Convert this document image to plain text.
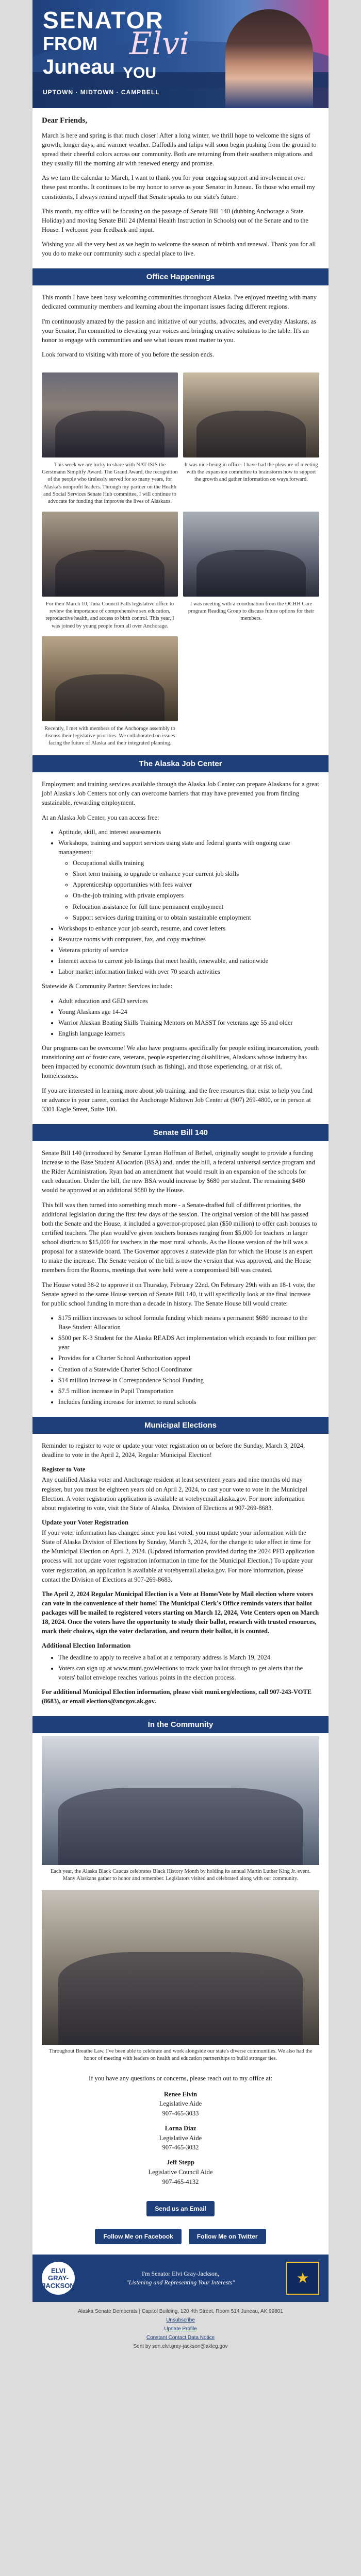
SENATOR
FROM
Juneau
Elvi
YOU
UPTOWN · MIDTOWN · CAMPBELL
Dear Friends,

March is here and spring is that much closer! After a long winter, we thrill hope to welcome the signs of growth, longer days, and warmer weather. Daffodils and tulips will soon begin pushing from the ground to spread their cheerful colors across our community. Both are returning from their southern migrations and they usually fill the morning air with renewed energy and promise.

As we turn the calendar to March, I want to thank you for your ongoing support and involvement over these past months. It continues to be my honor to serve as your Senator in Juneau. To those who email my constituents, I always remind myself that Senate speaks to our state's future.

This month, my office will be focusing on the passage of Senate Bill 140 (dubbing Anchorage a State Holiday) and moving Senate Bill 24 (Mental Health Instruction in Schools) out of the Senate and to the House. I welcome your feedback and input.

Wishing you all the very best as we begin to welcome the season of rebirth and renewal. Thank you for all you do to make our community such a special place to live.

Office Happenings

This month I have been busy welcoming communities throughout Alaska. I've enjoyed meeting with many dedicated community members and learning about the important issues facing different regions.

I'm continuously amazed by the passion and initiative of our youths, advocates, and everyday Alaskans, as your Senator, I'm committed to elevating your voices and bringing creative solutions to the table. It's an honor to engage with communities and see what issues most matter to you.

Look forward to visiting with more of you before the session ends.

This week we are lucky to share with NAT-ISIS the Gerstmann Simplify Award. The Grand Award, the recognition of the people who tirelessly served for so many years, for Alaska's nonprofit leaders. Through my partner on the Health and Social Services Senate Hub committee, I will continue to advocate for funding that improves the lives of Alaskans.
It was nice being in office. I have had the pleasure of meeting with the expansion committee to brainstorm how to support the growth and gather information on ways forward.
For their March 10, Tuna Council Falls legislative office to review the importance of comprehensive sex education, reproductive health, and access to birth control. This year, I was joined by young people from all over Anchorage.
I was meeting with a coordination from the OCHH Care program Reading Group to discuss future options for their members.
Recently, I met with members of the Anchorage assembly to discuss their legislative priorities. We collaborated on issues facing the future of Alaska and their integrated planning.
The Alaska Job Center

Employment and training services available through the Alaska Job Center can prepare Alaskans for a great job! Alaska's Job Centers not only can overcome barriers that may have prevented you from finding sustainable, rewarding employment.

At an Alaska Job Center, you can access free:

• Aptitude, skill, and interest assessments
• Workshops, training and support services using state and federal grants with ongoing case management:
◦ Occupational skills training
◦ Short term training to upgrade or enhance your current job skills
◦ Apprenticeship opportunities with fees waiver
◦ On-the-job training with private employers
◦ Relocation assistance for full time permanent employment
◦ Support services during training or to obtain sustainable employment
• Workshops to enhance your job search, resume, and cover letters
• Resource rooms with computers, fax, and copy machines
• Veterans priority of service
• Internet access to current job listings that meet health, renewable, and nationwide
• Labor market information linked with over 70 search activities

Statewide & Community Partner Services include:

• Adult education and GED services
• Young Alaskans age 14-24
• Warrior Alaskan Beating Skills Training Mentors on MASST for veterans age 55 and older
• English language learners

Our programs can be overcome! We also have programs specifically for people exiting incarceration, youth transitioning out of foster care, veterans, people experiencing disabilities, Alaskans whose industry has been impacted by economic downturn (such as fishing), and those experiencing, or at risk of, homelessness.

If you are interested in learning more about job training, and the free resources that exist to help you find or advance in your career, contact the Anchorage Midtown Job Center at (907) 269-4800, or in person at 3301 Eagle Street, Suite 100.

Senate Bill 140

Senate Bill 140 (introduced by Senator Lyman Hoffman of Bethel, originally sought to provide a funding increase to the Base Student Allocation (BSA) and, under the bill, a federal universal service program and the Rider Administration. Ryan had an amendment that would result in an expansion of the schools for each education. Under the bill, the new BSA would increase by $680 per student. The remaining $480 would be approved at an additional $680 by the House.

This bill was then turned into something much more - a Senate-drafted full of different priorities, the additional legislation during the first few days of the session. The original version of the bill has passed both the Senate and the House, it included a governor-proposed plan ($50 million) to offer cash bonuses to certified teachers. The plan would've given teachers bonuses ranging from $5,000 for teachers in larger school districts to $15,000 for teachers in the most rural schools. As the House version of the bill was a proposal for a statewide board. The Governor approves a statewide plan for which the House is an expert to make the increase. The Senate version of the bill is now the version that was approved, and the House members from the Rooms, meetings that were held were a compromised bill was created.

The House voted 38-2 to approve it on Thursday, February 22nd. On February 29th with an 18-1 vote, the Senate agreed to the same House version of Senate Bill 140, it will specifically look at the final increase for public school funding in more than a decade in history. The Senate House bill would create:

• $175 million increases to school formula funding which means a permanent $680 increase to the Base Student Allocation
• $500 per K-3 Student for the Alaska READS Act implementation which expands to four million per year
• Provides for a Charter School Authorization appeal
• Creation of a Statewide Charter School Coordinator
• $14 million increase in Correspondence School Funding
• $7.5 million increase in Pupil Transportation
• Includes funding increase for internet to rural schools
Municipal Elections

Reminder to register to vote or update your voter registration on or before the Sunday, March 3, 2024, deadline to vote in the April 2, 2024, Regular Municipal Election!

Register to Vote

Any qualified Alaska voter and Anchorage resident at least seventeen years and nine months old may register, but you must be eighteen years old on April 2, 2024, to cast your vote to vote in the Municipal Election. A voter registration application is available at votebyemail.alaska.gov. For more information about registering to vote, visit the State of Alaska, Division of Elections at 907-269-8683.

Update your Voter Registration

If your voter information has changed since you last voted, you must update your information with the State of Alaska Division of Elections by Sunday, March 3, 2024, for the change to take effect in time for the Municipal Election on April 2, 2024. (Updated information provided during the 2024 PFD application process will not update voter registration information in time for the Municipal Election.) To update your voter registration, an application is available at votebyemail.alaska.gov. For more information, please contact the Division of Elections at 907-269-8683.

The April 2, 2024 Regular Municipal Election is a Vote at Home/Vote by Mail election where voters can vote in the convenience of their home! The Municipal Clerk's Office reminds voters that ballot packages will be mailed to registered voters starting on March 12, 2024, Vote Centers open on March 18, 2024. Once the voters have the opportunity to study their ballot, research with trusted resources, mark their choices, sign the voter declaration, and return their ballot, it is counted.

Additional Election Information

• The deadline to apply to receive a ballot at a temporary address is March 19, 2024.
• Voters can sign up at www.muni.gov/elections to track your ballot through to get alerts that the voters' ballot envelope reaches various points in the election process.

For additional Municipal Election information, please visit muni.org/elections, call 907-243-VOTE (8683), or email elections@ancgov.ak.gov.

In the Community
Each year, the Alaska Black Caucus celebrates Black History Month by holding its annual Martin Luther King Jr. event. Many Alaskans gather to honor and remember. Legislators visited and celebrated along with our community.
Throughout Breathe Law, I've been able to celebrate and work alongside our state's diverse communities. We also had the honor of meeting with leaders on health and education partnerships to build stronger ties.

If you have any questions or concerns, please reach out to my office at:

Renee Elvin
Legislative Aide
907-465-3033
Lorna Diaz
Legislative Aide
907-465-3032
Jeff Stepp
Legislative Council Aide
907-465-4132
Send us an Email
Follow Me on Facebook	Follow Me on Twitter
ELVI GRAY-JACKSON
I'm Senator Elvi Gray-Jackson,
"Listening and Representing Your Interests"	★
Alaska Senate Democrats | Capitol Building, 120 4th Street, Room 514 Juneau, AK 99801
Unsubscribe
Update Profile
Constant Contact Data Notice
Sent by sen.elvi.gray-jackson@akleg.gov
